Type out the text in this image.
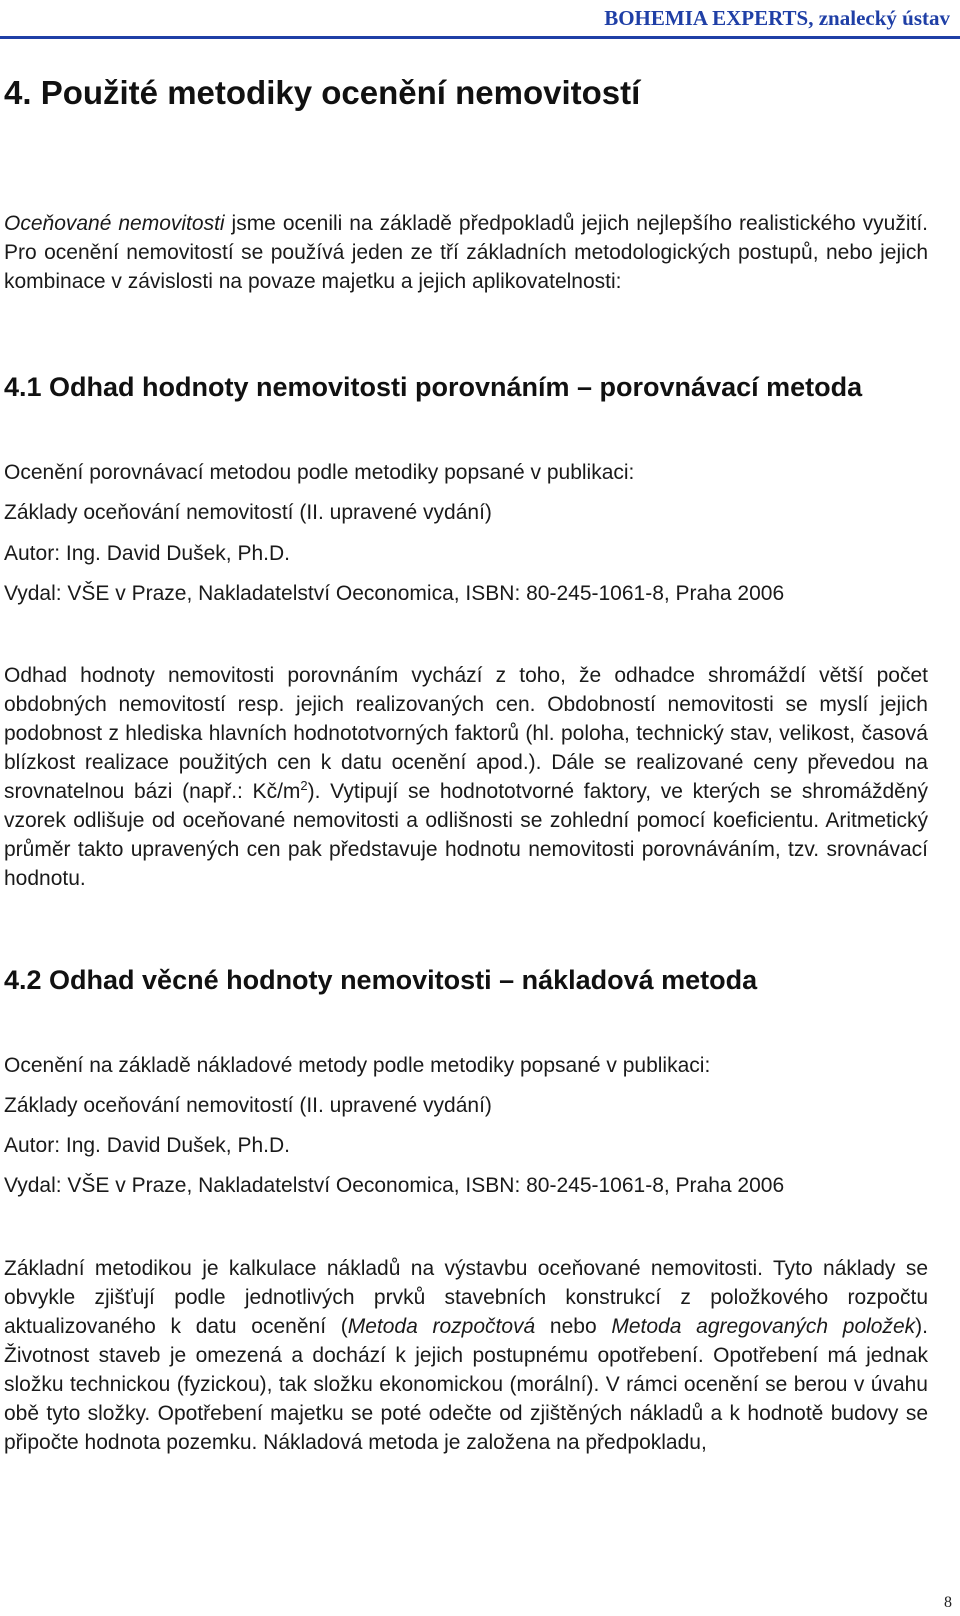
BOHEMIA EXPERTS, znalecký ústav
4. Použité metodiky ocenění nemovitostí
Oceňované nemovitosti jsme ocenili na základě předpokladů jejich nejlepšího realistického využití. Pro ocenění nemovitostí se používá jeden ze tří základních metodologických postupů, nebo jejich kombinace v závislosti na povaze majetku a jejich aplikovatelnosti:
4.1 Odhad hodnoty nemovitosti porovnáním – porovnávací metoda
Ocenění porovnávací metodou podle metodiky popsané v publikaci:
Základy oceňování nemovitostí (II. upravené vydání)
Autor: Ing. David Dušek, Ph.D.
Vydal: VŠE v Praze, Nakladatelství Oeconomica, ISBN: 80-245-1061-8, Praha 2006
Odhad hodnoty nemovitosti porovnáním vychází z toho, že odhadce shromáždí větší počet obdobných nemovitostí resp. jejich realizovaných cen. Obdobností nemovitosti se myslí jejich podobnost z hlediska hlavních hodnototvorných faktorů (hl. poloha, technický stav, velikost, časová blízkost realizace použitých cen k datu ocenění apod.). Dále se realizované ceny převedou na srovnatelnou bázi (např.: $Kč/m^2$). Vytipují se hodnototvorné faktory, ve kterých se shromážděný vzorek odlišuje od oceňované nemovitosti a odlišnosti se zohlední pomocí koeficientu. Aritmetický průměr takto upravených cen pak představuje hodnotu nemovitosti porovnáváním, tzv. srovnávací hodnotu.
4.2 Odhad věcné hodnoty nemovitosti – nákladová metoda
Ocenění na základě nákladové metody podle metodiky popsané v publikaci:
Základy oceňování nemovitostí (II. upravené vydání)
Autor: Ing. David Dušek, Ph.D.
Vydal: VŠE v Praze, Nakladatelství Oeconomica, ISBN: 80-245-1061-8, Praha 2006
Základní metodikou je kalkulace nákladů na výstavbu oceňované nemovitosti. Tyto náklady se obvykle zjišťují podle jednotlivých prvků stavebních konstrukcí z položkového rozpočtu aktualizovaného k datu ocenění (Metoda rozpočtová nebo Metoda agregovaných položek). Životnost staveb je omezená a dochází k jejich postupnému opotřebení. Opotřebení má jednak složku technickou (fyzickou), tak složku ekonomickou (morální). V rámci ocenění se berou v úvahu obě tyto složky. Opotřebení majetku se poté odečte od zjištěných nákladů a k hodnotě budovy se připočte hodnota pozemku. Nákladová metoda je založena na předpokladu,
8
